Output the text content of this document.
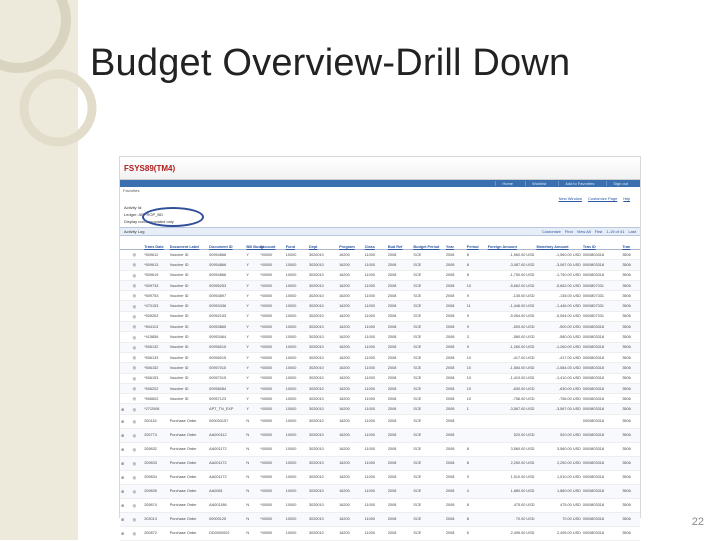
Budget Overview-Drill Down
FSYS89(TM4)
Home	Worklist	Add to Favorites	Sign out
Favorites
New Window Customize Page http
Activity Id:
Ledger: APPROP_BD
Display non-associated only
Activity Log	Customize Find View All First 1-19 of 41 Last
		Trans Date	Document Label	Document ID	Bill Budgt	Account	Fund	Dept	Program	Class	Bud Ref	Budget Period	Year	Period	Foreign Amount	Monetary Amount	Tran ID	Tran
	◎	*509612	Voucher ID	00954866	Y	*00000	10000	3020010	16200	11000	2008	SCE	2008	8	-1,560.00 USD	-1,560.00 USD	0000803318	3506
	◎	*509613	Voucher ID	00954866	Y	*00000	10000	3020010	16200	11000	2008	SCE	2008	8	-3,087.00 USD	-3,087.00 USD	0000803318	3506
	◎	*509619	Voucher ID	00954866	Y	*00000	10000	3020010	16200	11000	2008	SCE	2008	8	-1,750.00 USD	-1,750.00 USD	0000803318	3506
	◎	*509733	Voucher ID	00955253	Y	*00000	10000	3020010	16200	11000	2008	SCE	2008	10	-5,662.00 USD	-5,662.00 USD	0000807331	3506
	◎	*509753	Voucher ID	00954897	Y	*00000	10000	3020010	16200	11000	2008	SCE	2008	9	-135.00 USD	-135.00 USD	0000807331	3506
	◎	*470153	Voucher ID	00953436	Y	*00000	10000	3020010	16200	11000	2008	SCE	2008	11	-1,446.00 USD	-1,446.00 USD	0000807331	3506
	◎	*505263	Voucher ID	00952153	Y	*00000	10000	3020010	16200	11000	2008	SCE	2008	9	-5,064.00 USD	-5,064.00 USD	0000807331	3506
	◎	*504113	Voucher ID	00953865	Y	*00000	10000	3020010	16200	11000	2008	SCE	2008	9	-500.00 USD	-500.00 USD	0000803318	3506
	◎	*415856	Voucher ID	00953464	Y	*00000	10000	3020010	16200	11000	2008	SCE	2008	3	-580.00 USD	-580.00 USD	0000803318	3506
	◎	*506132	Voucher ID	00956015	Y	*00000	10000	3020010	16200	11000	2008	SCE	2008	9	-1,260.00 USD	-1,260.00 USD	0000803318	3506
	◎	*506133	Voucher ID	00956015	Y	*00000	10000	3020010	16200	11000	2008	SCE	2008	10	-417.00 USD	-417.00 USD	0000803318	3506
	◎	*506152	Voucher ID	00957015	Y	*00000	10000	3020010	16200	11000	2008	SCE	2008	10	-1,584.00 USD	-1,584.00 USD	0000803318	3506
	◎	*506153	Voucher ID	00957015	Y	*00000	10000	3020010	16200	11000	2008	SCE	2008	10	-1,410.00 USD	-1,410.00 USD	0000803318	3506
	◎	*506202	Voucher ID	00958084	Y	*00000	10000	3020010	16200	11000	2008	SCE	2008	10	-630.00 USD	-630.00 USD	0000803318	3506
	◎	*506602	Voucher ID	00957123	Y	*00000	10000	3020010	16200	11000	2008	SCE	2008	10	-756.00 USD	-756.00 USD	0000803318	3506
⊕	◎	*27/2008		APT_TN_EXP	Y	*00000	10000	3020010	16200	11000	2008	SCE	2008	1	-3,567.00 USD	-3,567.00 USD	0000803318	3506
⊕	◎	200116	Purchase Order	000000157	N	*00000	10000	3020010	16200	11000	2008	SCE	2008				0000803318	3506
⊕	◎	205774	Purchase Order	AA000112	N	*00000	10000	3020010	16200	11000	2008	SCE	2008		520.00 USD	520.00 USD	0000803318	3506
⊕	◎	209832	Purchase Order	AA001172	N	*00000	10000	3020010	16200	11000	2008	SCE	2008	8	3,560.00 USD	3,560.00 USD	0000803318	3506
⊕	◎	209833	Purchase Order	AA001172	N	*00000	10000	3020010	16200	11000	2008	SCE	2008	8	2,250.00 USD	2,250.00 USD	0000803318	3506
⊕	◎	209834	Purchase Order	AA001172	N	*00000	10000	3020010	16200	11000	2008	SCE	2008	9	1,510.00 USD	1,510.00 USD	0000803318	3506
⊕	◎	209835	Purchase Order	AA0081	N	*00000	10000	3020010	16200	11000	2008	SCE	2008	4	1,880.00 USD	1,880.00 USD	0000803318	3506
⊕	◎	209874	Purchase Order	AA001186	N	*00000	10000	3020010	16200	11000	2008	SCE	2008	8	475.00 USD	475.00 USD	0000803318	3506
⊕	◎	203013	Purchase Order	00000125	N	*00000	10000	3020010	16200	11000	2008	SCE	2008	8	70.00 USD	70.00 USD	0000803318	3506
⊕	◎	200872	Purchase Order	DD0000002	N	*00000	10000	3020010	16200	11000	2008	SCE	2008	6	2,495.00 USD	2,495.00 USD	0000803318	3506
22
